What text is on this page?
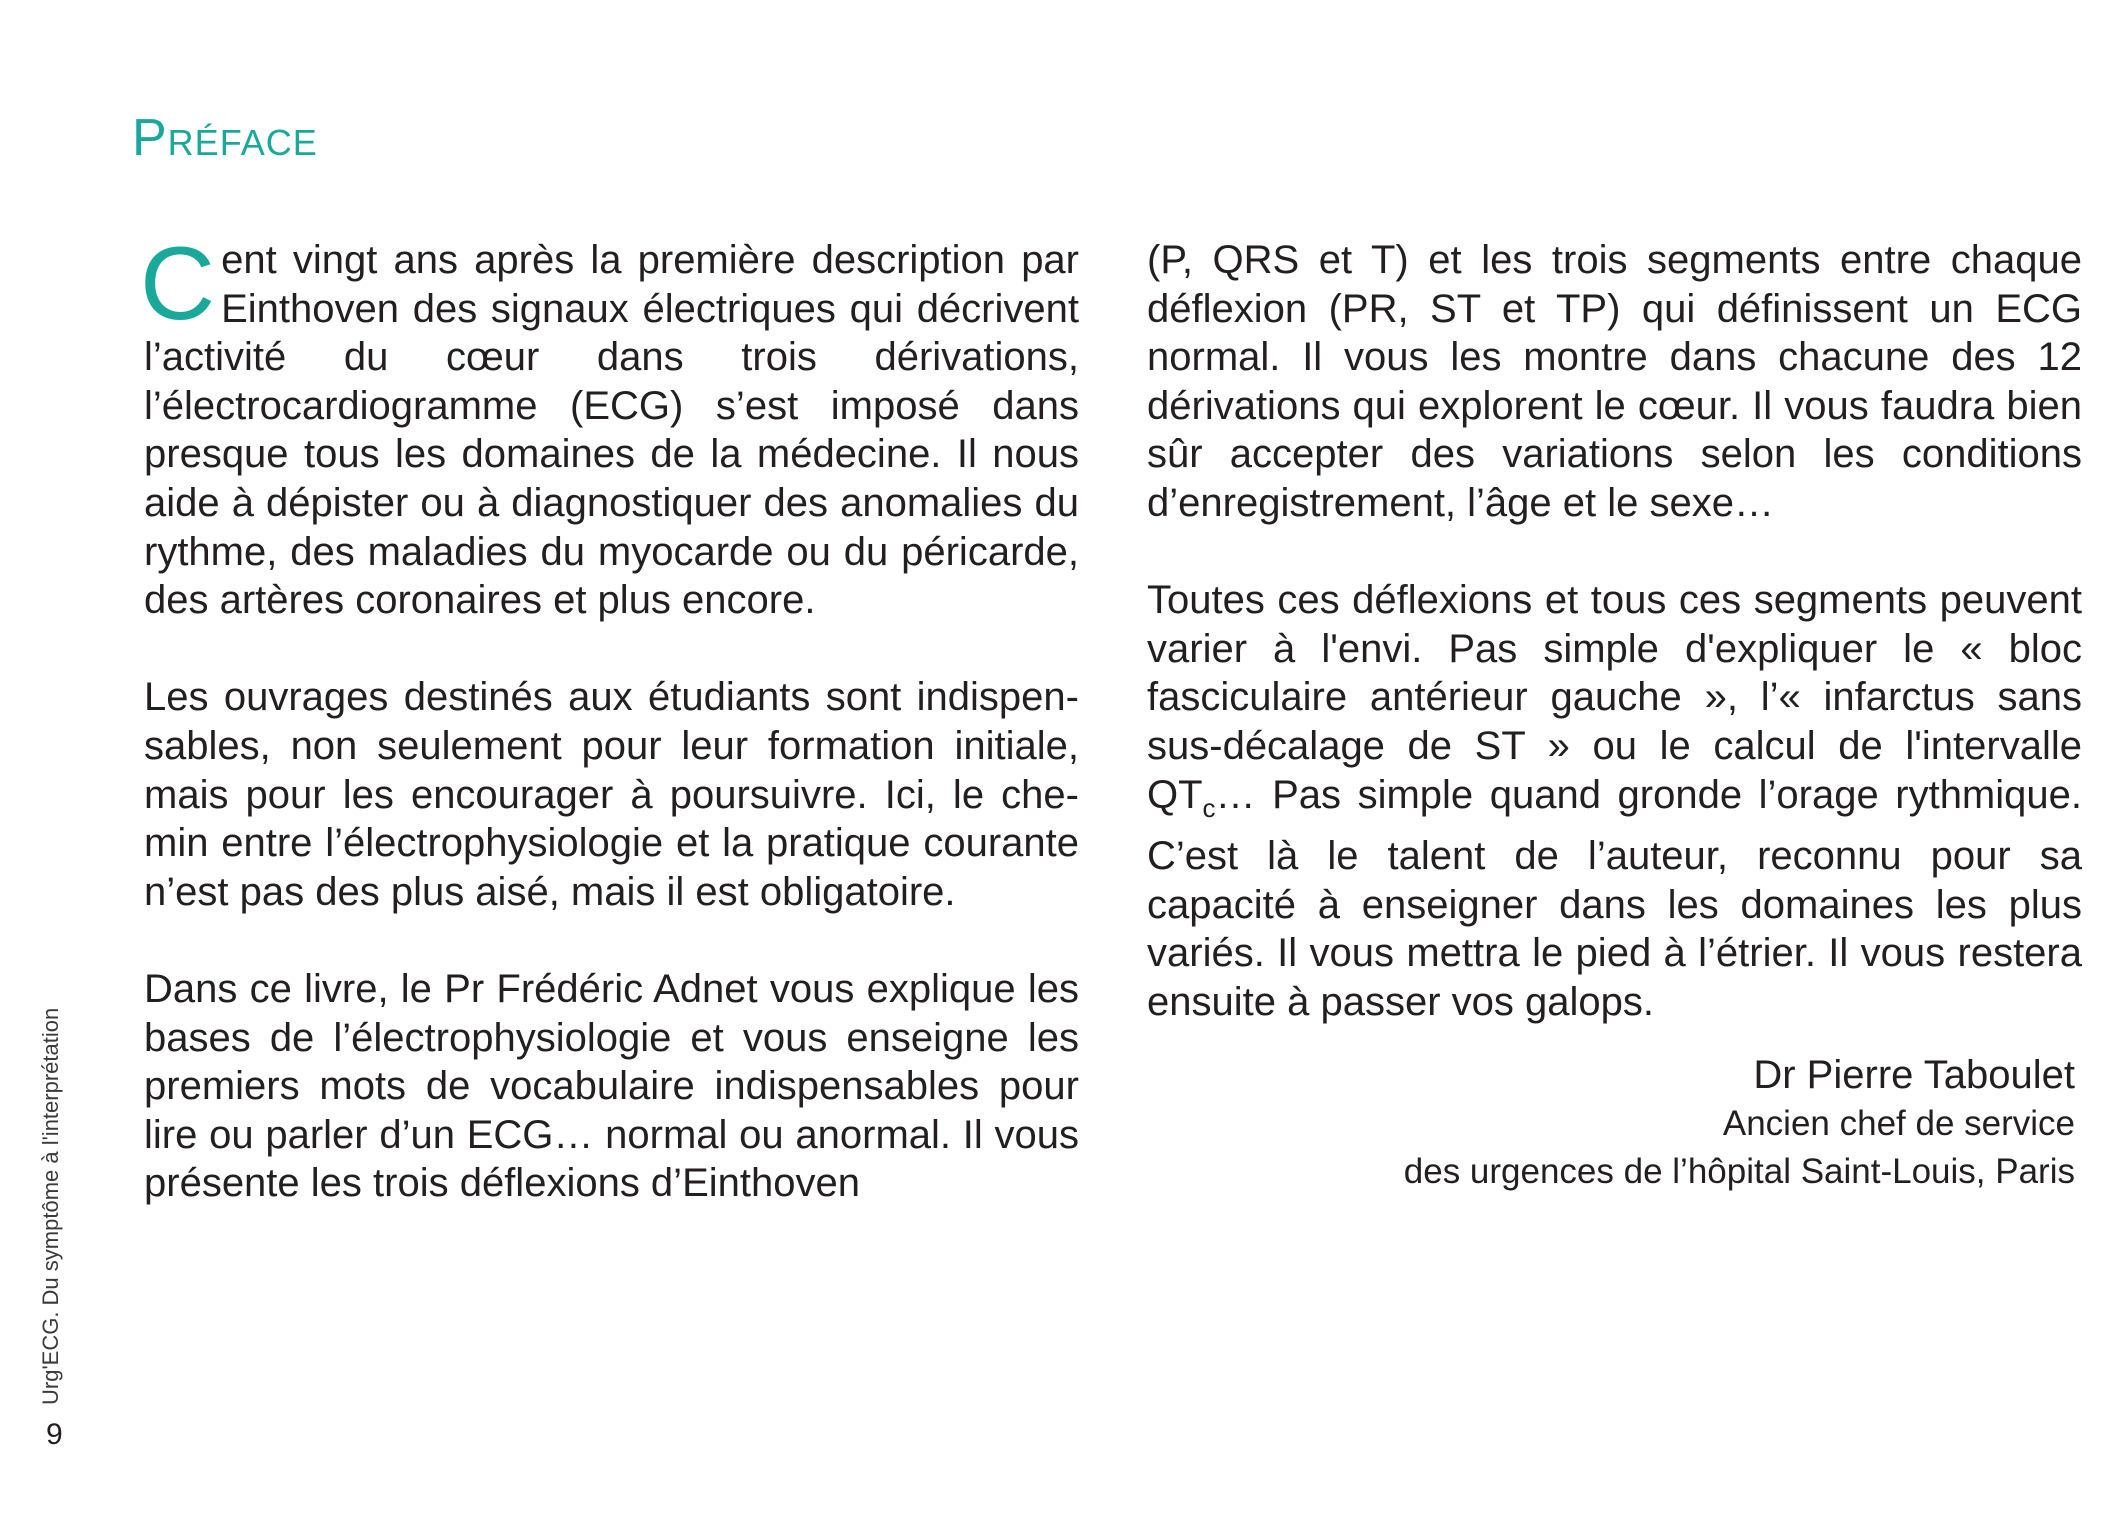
Préface

Cent vingt ans après la première description par Einthoven des signaux électriques qui décrivent l’activité du cœur dans trois dérivations, l’électrocardiogramme (ECG) s’est imposé dans presque tous les domaines de la médecine. Il nous aide à dépister ou à diagnostiquer des anomalies du rythme, des maladies du myocarde ou du péricarde, des artères coronaires et plus encore.

Les ouvrages destinés aux étudiants sont indispensables, non seulement pour leur formation initiale, mais pour les encourager à poursuivre. Ici, le chemin entre l’électrophysiologie et la pratique courante n’est pas des plus aisé, mais il est obligatoire.

Dans ce livre, le Pr Frédéric Adnet vous explique les bases de l’électrophysiologie et vous enseigne les premiers mots de vocabulaire indispensables pour lire ou parler d’un ECG… normal ou anormal. Il vous présente les trois déflexions d’Einthoven

(P, QRS et T) et les trois segments entre chaque déflexion (PR, ST et TP) qui définissent un ECG normal. Il vous les montre dans chacune des 12 dérivations qui explorent le cœur. Il vous faudra bien sûr accepter des variations selon les conditions d’enregistrement, l’âge et le sexe…

Toutes ces déflexions et tous ces segments peuvent varier à l'envi. Pas simple d'expliquer le « bloc fasciculaire antérieur gauche », l’« infarctus sans sus-décalage de ST » ou le calcul de l'intervalle $QT_c\dots$ Pas simple quand gronde l’orage rythmique. C’est là le talent de l’auteur, reconnu pour sa capacité à enseigner dans les domaines les plus variés. Il vous mettra le pied à l’étrier. Il vous restera ensuite à passer vos galops.

Dr Pierre Taboulet
Ancien chef de service
des urgences de l’hôpital Saint-Louis, Paris
Urg'ECG. Du symptôme à l'interprétation
9
